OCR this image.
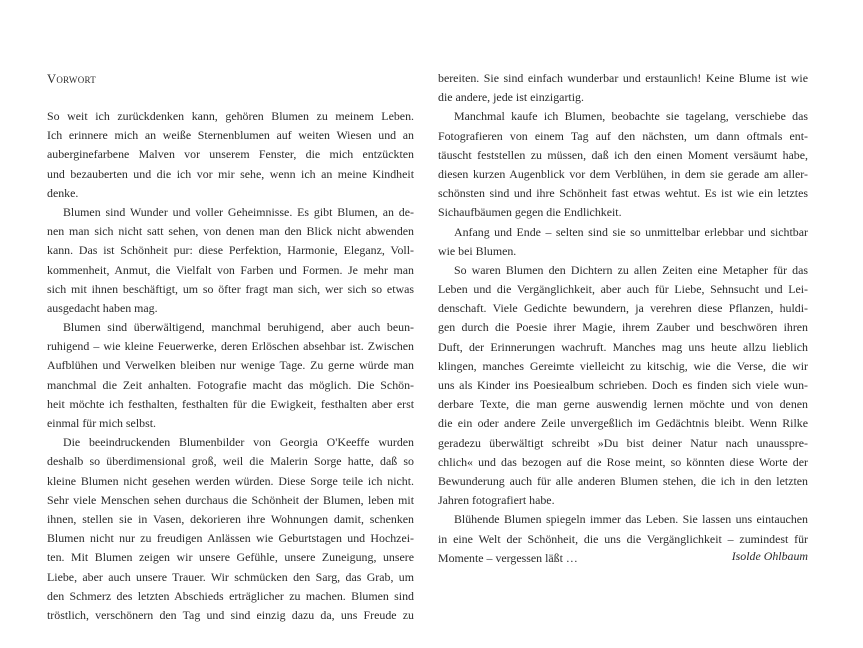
Vorwort
So weit ich zurückdenken kann, gehören Blumen zu meinem Leben.
Ich erinnere mich an weiße Sternenblumen auf weiten Wiesen und an
auberginefarbene Malven vor unserem Fenster, die mich entzückten
und bezauberten und die ich vor mir sehe, wenn ich an meine Kindheit
denke.
Blumen sind Wunder und voller Geheimnisse. Es gibt Blumen, an de-
nen man sich nicht satt sehen, von denen man den Blick nicht abwenden
kann. Das ist Schönheit pur: diese Perfektion, Harmonie, Eleganz, Voll-
kommenheit, Anmut, die Vielfalt von Farben und Formen. Je mehr man
sich mit ihnen beschäftigt, um so öfter fragt man sich, wer sich so etwas
ausgedacht haben mag.
Blumen sind überwältigend, manchmal beruhigend, aber auch beun-
ruhigend – wie kleine Feuerwerke, deren Erlöschen absehbar ist. Zwischen
Aufblühen und Verwelken bleiben nur wenige Tage. Zu gerne würde man
manchmal die Zeit anhalten. Fotografie macht das möglich. Die Schön-
heit möchte ich festhalten, festhalten für die Ewigkeit, festhalten aber erst
einmal für mich selbst.
Die beeindruckenden Blumenbilder von Georgia O'Keeffe wurden
deshalb so überdimensional groß, weil die Malerin Sorge hatte, daß so
kleine Blumen nicht gesehen werden würden. Diese Sorge teile ich nicht.
Sehr viele Menschen sehen durchaus die Schönheit der Blumen, leben mit
ihnen, stellen sie in Vasen, dekorieren ihre Wohnungen damit, schenken
Blumen nicht nur zu freudigen Anlässen wie Geburtstagen und Hochzei-
ten. Mit Blumen zeigen wir unsere Gefühle, unsere Zuneigung, unsere
Liebe, aber auch unsere Trauer. Wir schmücken den Sarg, das Grab, um
den Schmerz des letzten Abschieds erträglicher zu machen. Blumen sind
tröstlich, verschönern den Tag und sind einzig dazu da, uns Freude zu
bereiten. Sie sind einfach wunderbar und erstaunlich! Keine Blume ist wie
die andere, jede ist einzigartig.
Manchmal kaufe ich Blumen, beobachte sie tagelang, verschiebe das
Fotografieren von einem Tag auf den nächsten, um dann oftmals ent-
täuscht feststellen zu müssen, daß ich den einen Moment versäumt habe,
diesen kurzen Augenblick vor dem Verblühen, in dem sie gerade am aller-
schönsten sind und ihre Schönheit fast etwas wehtut. Es ist wie ein letztes
Sichaufbäumen gegen die Endlichkeit.
Anfang und Ende – selten sind sie so unmittelbar erlebbar und sichtbar
wie bei Blumen.
So waren Blumen den Dichtern zu allen Zeiten eine Metapher für das
Leben und die Vergänglichkeit, aber auch für Liebe, Sehnsucht und Lei-
denschaft. Viele Gedichte bewundern, ja verehren diese Pflanzen, huldi-
gen durch die Poesie ihrer Magie, ihrem Zauber und beschwören ihren
Duft, der Erinnerungen wachruft. Manches mag uns heute allzu lieblich
klingen, manches Gereimte vielleicht zu kitschig, wie die Verse, die wir
uns als Kinder ins Poesiealbum schrieben. Doch es finden sich viele wun-
derbare Texte, die man gerne auswendig lernen möchte und von denen
die ein oder andere Zeile unvergeßlich im Gedächtnis bleibt. Wenn Rilke
geradezu überwältigt schreibt »Du bist deiner Natur nach unausspre-
chlich« und das bezogen auf die Rose meint, so könnten diese Worte der
Bewunderung auch für alle anderen Blumen stehen, die ich in den letzten
Jahren fotografiert habe.
Blühende Blumen spiegeln immer das Leben. Sie lassen uns eintauchen
in eine Welt der Schönheit, die uns die Vergänglichkeit – zumindest für
Momente – vergessen läßt …	Isolde Ohlbaum
